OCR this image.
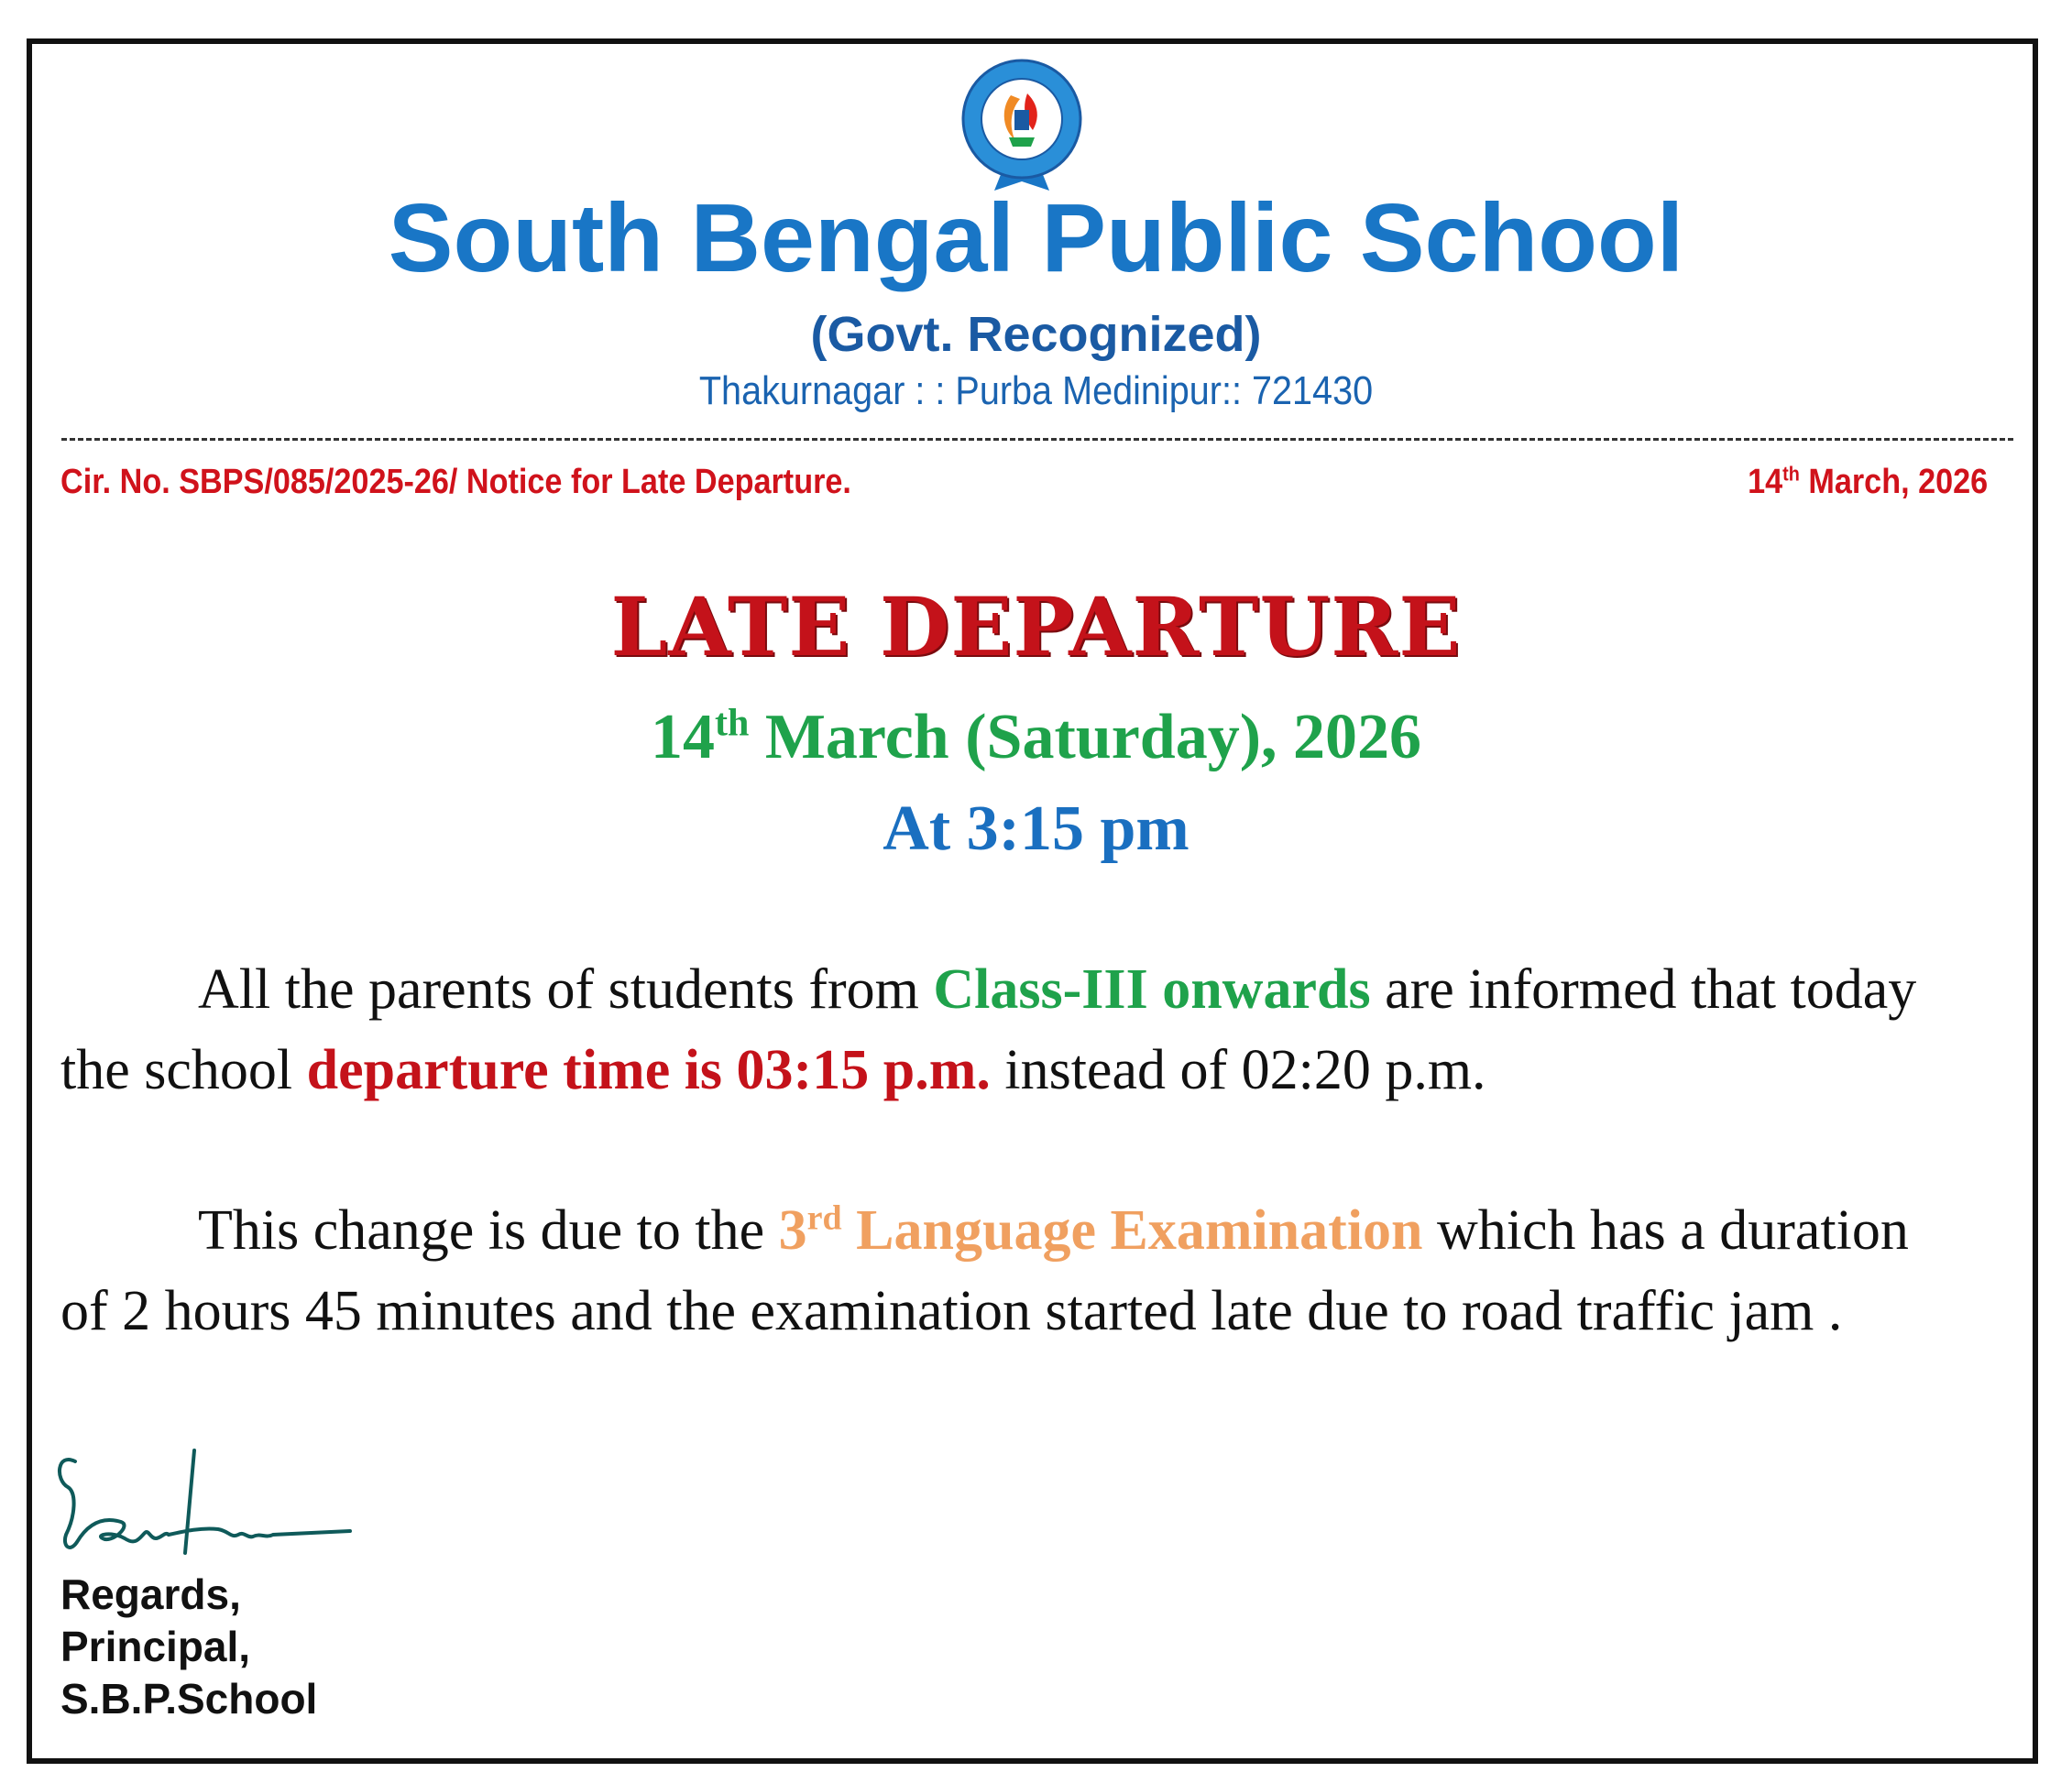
South Bengal Public School
(Govt. Recognized)
Thakurnagar : : Purba Medinipur:: 721430
Cir. No. SBPS/085/2025-26/ Notice for Late Departure.	14th March, 2026
LATE DEPARTURE
14th March (Saturday), 2026
At 3:15 pm
All the parents of students from Class-III onwards are informed that today the school departure time is 03:15 p.m. instead of 02:20 p.m.
This change is due to the 3rd Language Examination which has a duration of 2 hours 45 minutes and the examination started late due to road traffic jam .
Regards,
Principal,
S.B.P.School
